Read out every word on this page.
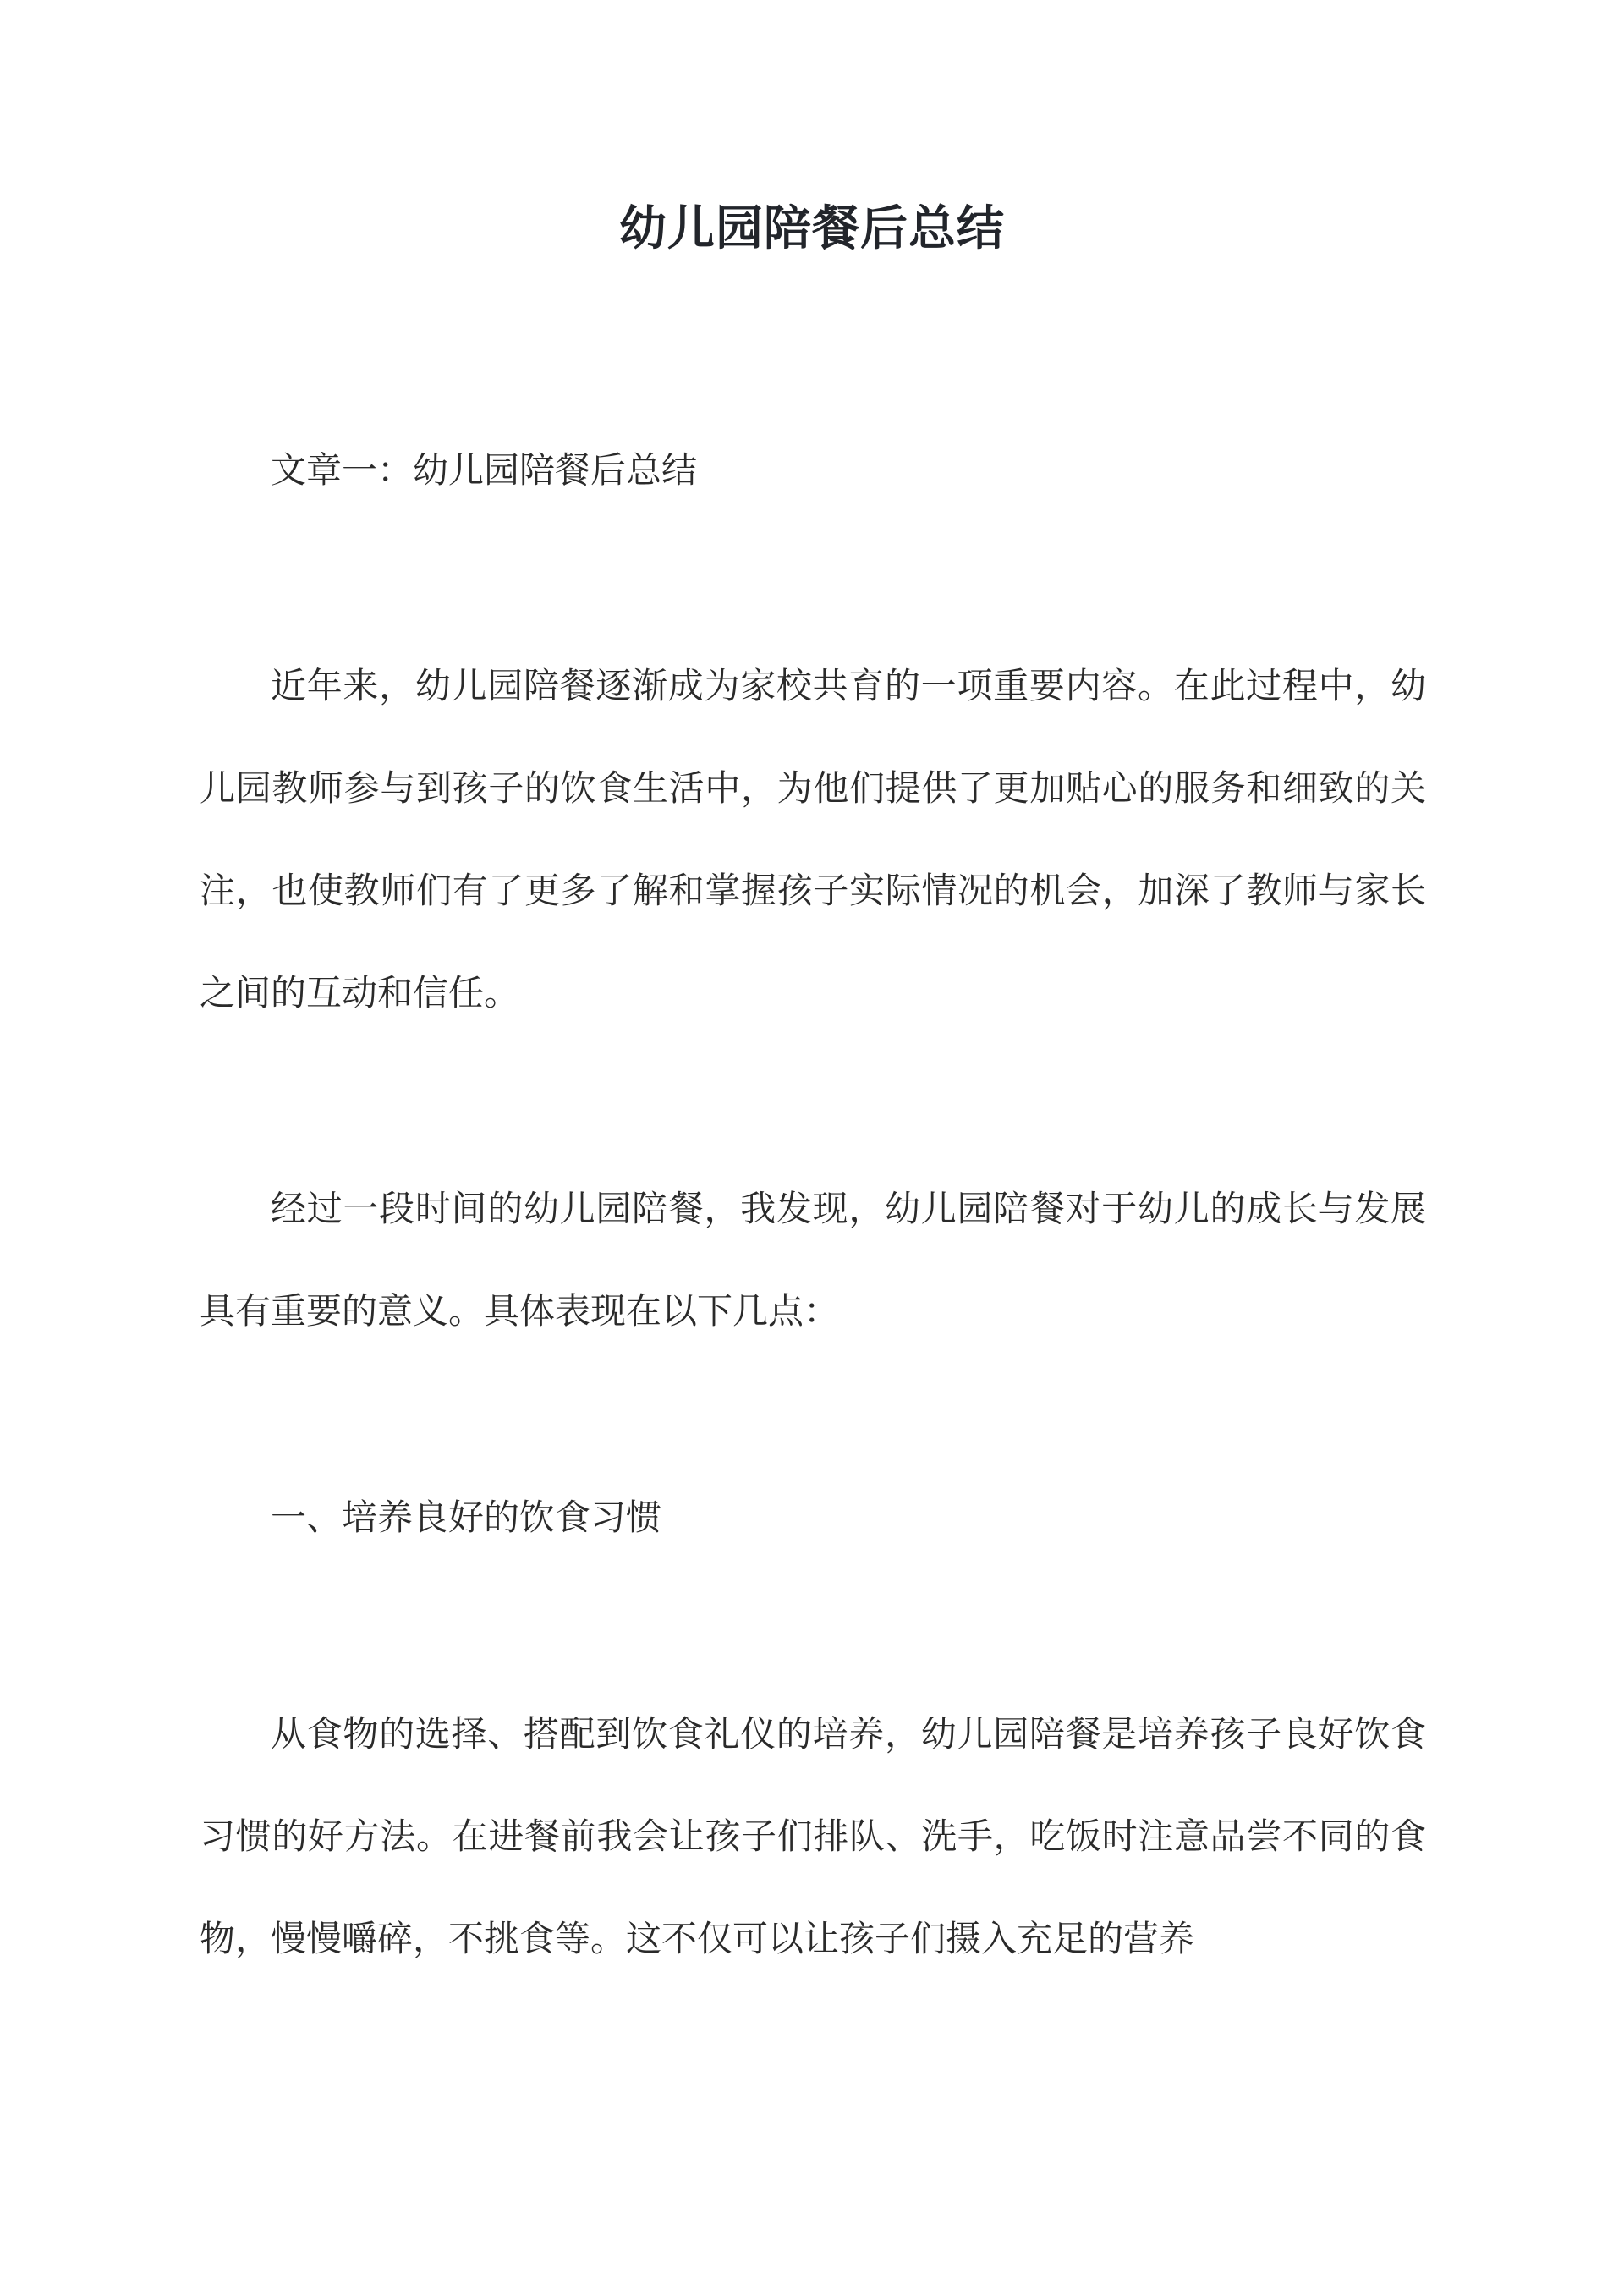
幼儿园陪餐后总结

文章一：幼儿园陪餐后总结

近年来，幼儿园陪餐逐渐成为家校共育的一项重要内容。在此过程中，幼儿园教师参与到孩子的饮食生活中，为他们提供了更加贴心的服务和细致的关注，也使教师们有了更多了解和掌握孩子实际情况的机会，加深了教师与家长之间的互动和信任。

经过一段时间的幼儿园陪餐，我发现，幼儿园陪餐对于幼儿的成长与发展具有重要的意义。具体表现在以下几点：

一、培养良好的饮食习惯

从食物的选择、搭配到饮食礼仪的培养，幼儿园陪餐是培养孩子良好饮食习惯的好方法。在进餐前我会让孩子们排队、洗手，吃饭时注意品尝不同的食物，慢慢嚼碎，不挑食等。这不仅可以让孩子们摄入充足的营养
